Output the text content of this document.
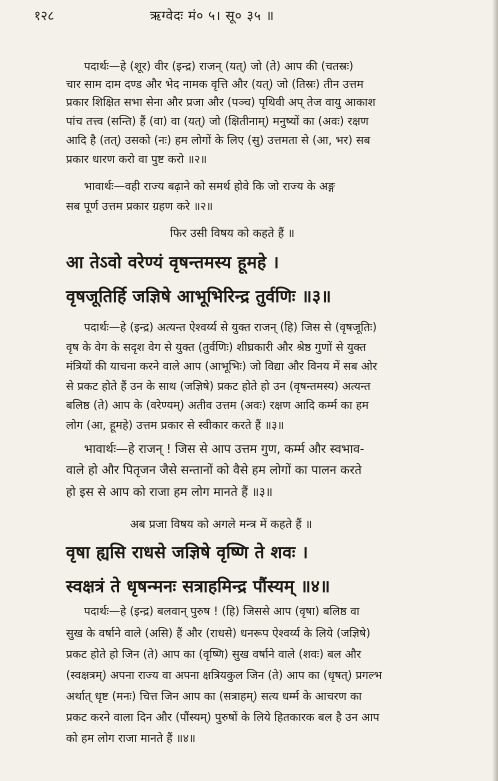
१२८	ऋग्वेदः मं० ५। सू० ३५ ॥
पदार्थः—हे (शूर) वीर (इन्द्र) राजन् (यत्) जो (ते) आप की (चतस्रः)
चार साम दाम दण्ड और भेद नामक वृत्ति और (यत्) जो (तिस्रः) तीन उत्तम
प्रकार शिक्षित सभा सेना और प्रजा और (पञ्च) पृथिवी अप् तेज वायु आकाश
पांच तत्त्व (सन्ति) हैं (वा) वा (यत्) जो (क्षितीनाम्) मनुष्यों का (अवः) रक्षण
आदि है (तत्) उसको (नः) हम लोगों के लिए (सु) उत्तमता से (आ, भर) सब
प्रकार धारण करो वा पुष्ट करो ॥२॥
भावार्थः—वही राज्य बढ़ाने को समर्थ होवे कि जो राज्य के अङ्ग
सब पूर्ण उत्तम प्रकार ग्रहण करे ॥२॥
फिर उसी विषय को कहते हैं ॥
आ तेऽवो वरेण्यं वृषन्तमस्य हूमहे ।
वृषजूतिर्हि जज्ञिषे आभूभिरिन्द्र तुर्वणिः ॥३॥
पदार्थः—हे (इन्द्र) अत्यन्त ऐश्वर्य्य से युक्त राजन् (हि) जिस से (वृषजूतिः)
वृष के वेग के सदृश वेग से युक्त (तुर्वणिः) शीघ्रकारी और श्रेष्ठ गुणों से युक्त
मंत्रियों की याचना करने वाले आप (आभूभिः) जो विद्या और विनय में सब ओर
से प्रकट होते हैं उन के साथ (जज्ञिषे) प्रकट होते हो उन (वृषन्तमस्य) अत्यन्त
बलिष्ठ (ते) आप के (वरेण्यम्) अतीव उत्तम (अवः) रक्षण आदि कर्म्म का हम
लोग (आ, हूमहे) उत्तम प्रकार से स्वीकार करते हैं ॥३॥
भावार्थः—हे राजन् ! जिस से आप उत्तम गुण, कर्म्म और स्वभाव-
वाले हो और पितृजन जैसे सन्तानों को वैसे हम लोगों का पालन करते
हो इस से आप को राजा हम लोग मानते हैं ॥३॥
अब प्रजा विषय को अगले मन्त्र में कहते हैं ॥
वृषा ह्यसि राधसे जज्ञिषे वृष्णि ते शवः ।
स्वक्षत्रं ते धृषन्मनः सत्राहमिन्द्र पौंस्यम् ॥४॥
पदार्थः—हे (इन्द्र) बलवान् पुरुष ! (हि) जिससे आप (वृषा) बलिष्ठ वा
सुख के वर्षाने वाले (असि) हैं और (राधसे) धनरूप ऐश्वर्य्य के लिये (जज्ञिषे)
प्रकट होते हो जिन (ते) आप का (वृष्णि) सुख वर्षाने वाले (शवः) बल और
(स्वक्षत्रम्) अपना राज्य वा अपना क्षत्रियकुल जिन (ते) आप का (धृषत्) प्रगल्भ
अर्थात् धृष्ट (मनः) चित्त जिन आप का (सत्राहम्) सत्य धर्म्म के आचरण का
प्रकट करने वाला दिन और (पौंस्यम्) पुरुषों के लिये हितकारक बल है उन आप
को हम लोग राजा मानते हैं ॥४॥
